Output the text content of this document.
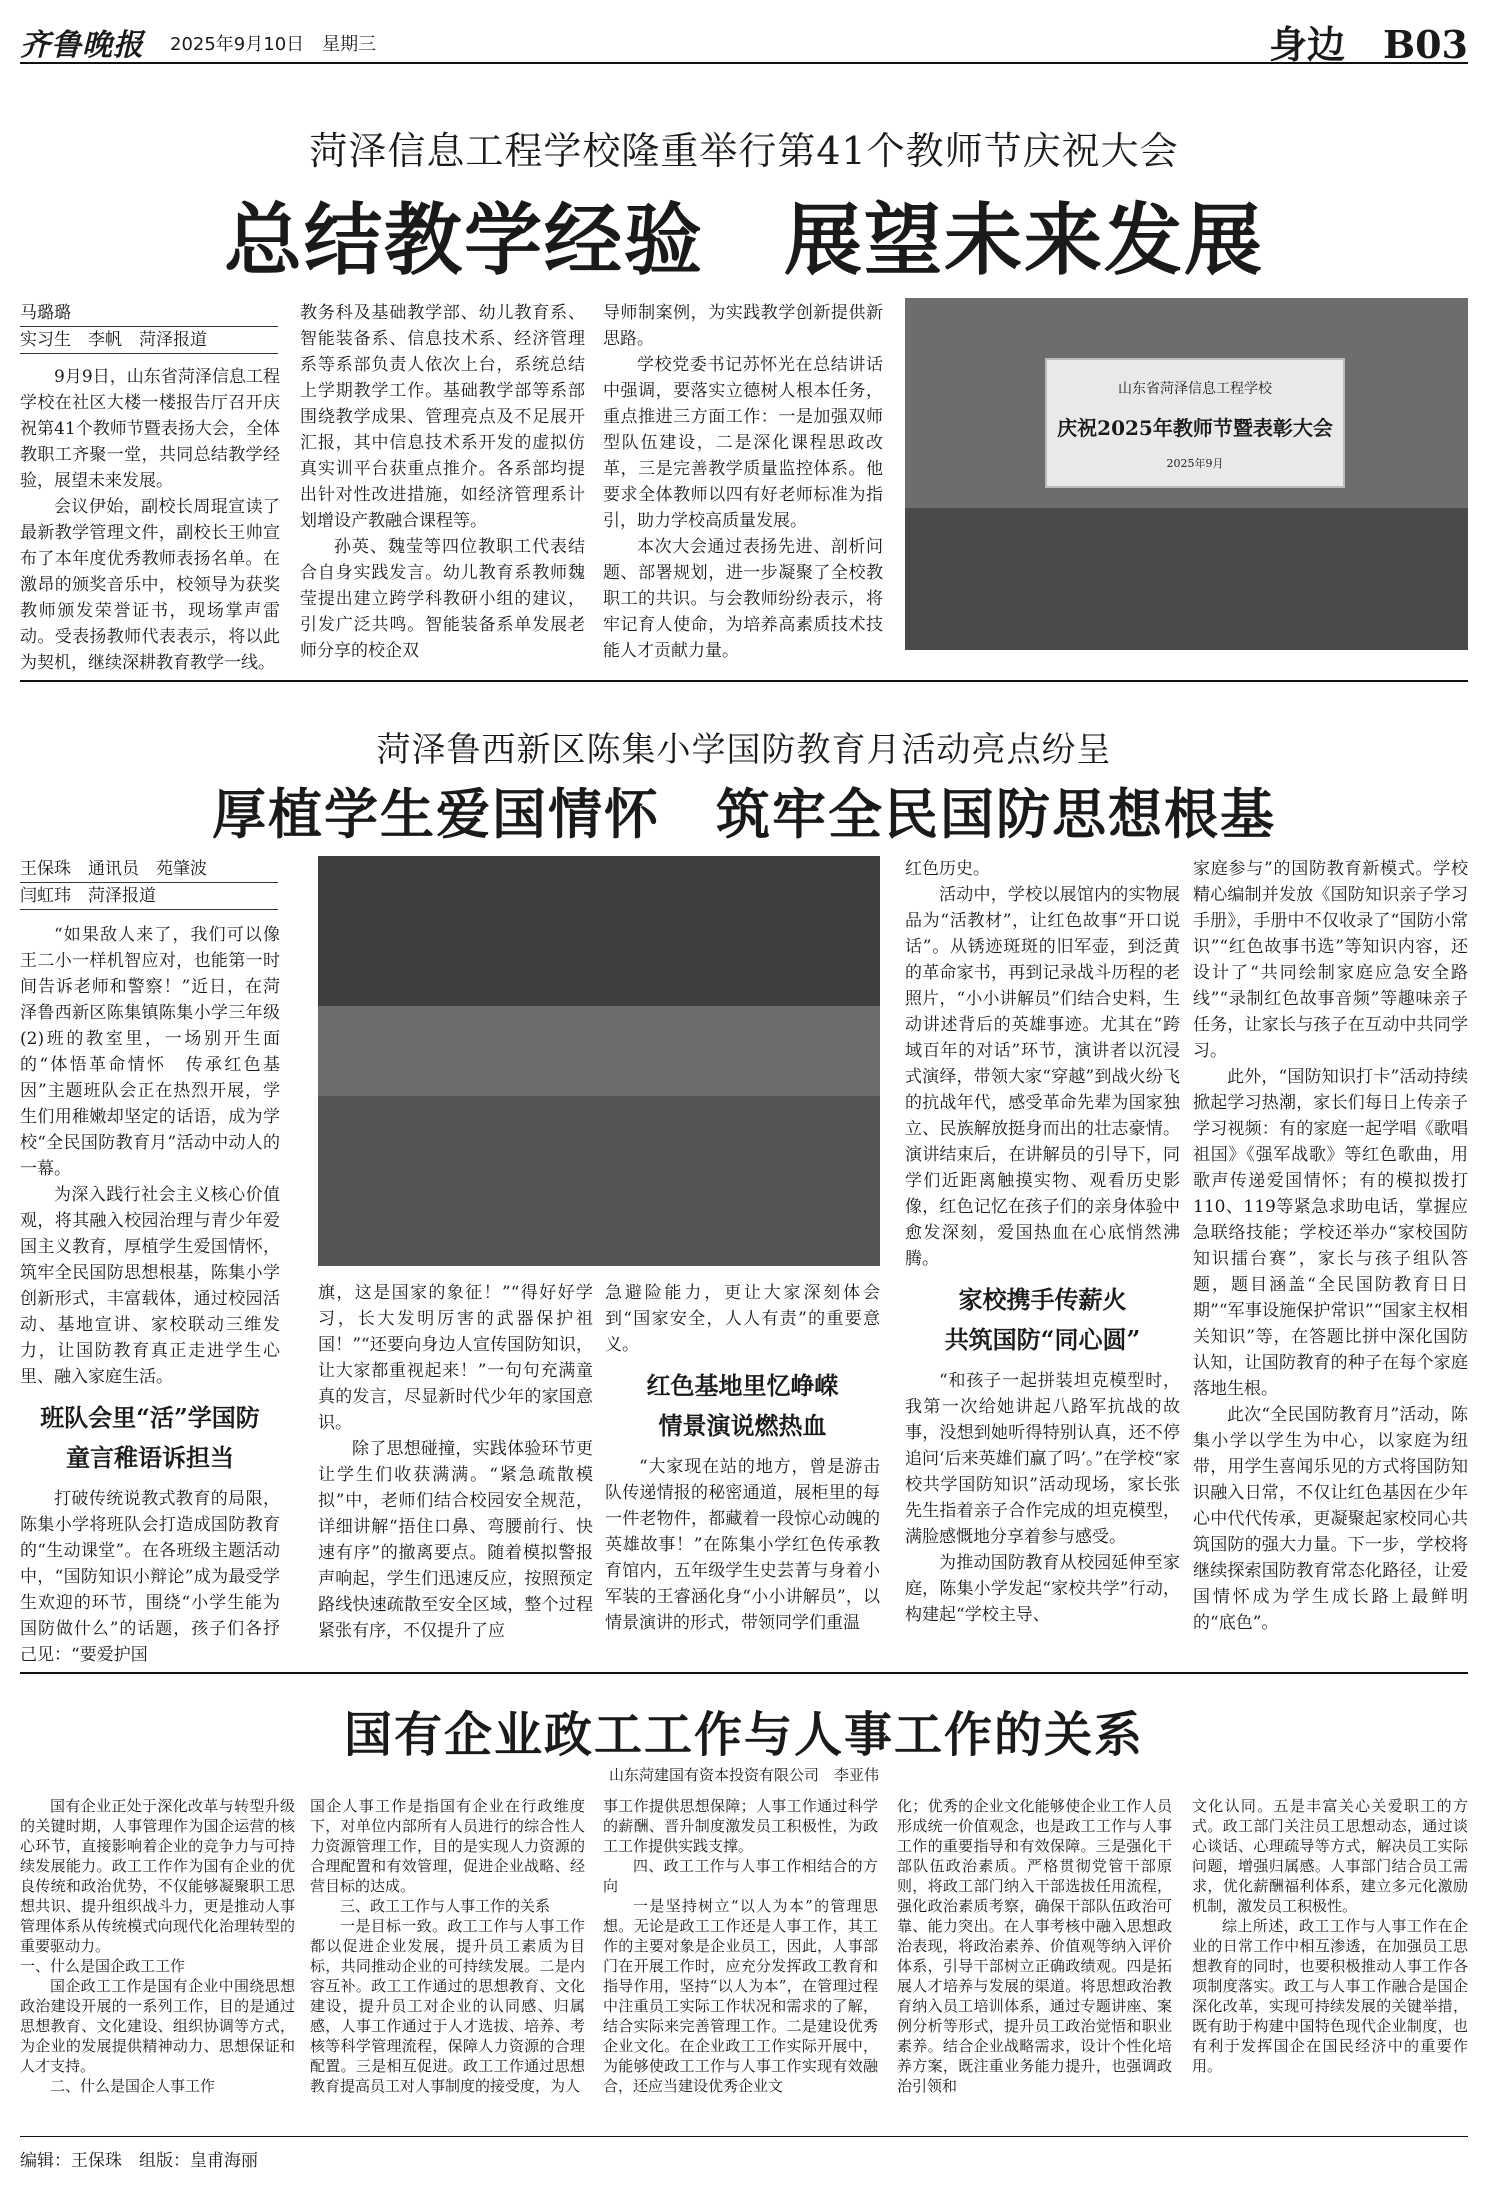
齐鲁晚报 2025年9月10日　星期三	身边　B03
菏泽信息工程学校隆重举行第41个教师节庆祝大会
总结教学经验　展望未来发展
马璐璐
实习生　李帆　菏泽报道

9月9日，山东省菏泽信息工程学校在社区大楼一楼报告厅召开庆祝第41个教师节暨表扬大会，全体教职工齐聚一堂，共同总结教学经验，展望未来发展。

会议伊始，副校长周琨宣读了最新教学管理文件，副校长王帅宣布了本年度优秀教师表扬名单。在激昂的颁奖音乐中，校领导为获奖教师颁发荣誉证书，现场掌声雷动。受表扬教师代表表示，将以此为契机，继续深耕教育教学一线。

教务科及基础教学部、幼儿教育系、智能装备系、信息技术系、经济管理系等系部负责人依次上台，系统总结上学期教学工作。基础教学部等系部围绕教学成果、管理亮点及不足展开汇报，其中信息技术系开发的虚拟仿真实训平台获重点推介。各系部均提出针对性改进措施，如经济管理系计划增设产教融合课程等。

孙英、魏莹等四位教职工代表结合自身实践发言。幼儿教育系教师魏莹提出建立跨学科教研小组的建议，引发广泛共鸣。智能装备系单发展老师分享的校企双

导师制案例，为实践教学创新提供新思路。

学校党委书记苏怀光在总结讲话中强调，要落实立德树人根本任务，重点推进三方面工作：一是加强双师型队伍建设，二是深化课程思政改革，三是完善教学质量监控体系。他要求全体教师以四有好老师标准为指引，助力学校高质量发展。

本次大会通过表扬先进、剖析问题、部署规划，进一步凝聚了全校教职工的共识。与会教师纷纷表示，将牢记育人使命，为培养高素质技术技能人才贡献力量。

山东省菏泽信息工程学校
庆祝2025年教师节暨表彰大会
2025年9月
菏泽鲁西新区陈集小学国防教育月活动亮点纷呈
厚植学生爱国情怀　筑牢全民国防思想根基
王保珠　通讯员　苑肇波
闫虹玮　菏泽报道

“如果敌人来了，我们可以像王二小一样机智应对，也能第一时间告诉老师和警察！”近日，在菏泽鲁西新区陈集镇陈集小学三年级(2)班的教室里，一场别开生面的“体悟革命情怀　传承红色基因”主题班队会正在热烈开展，学生们用稚嫩却坚定的话语，成为学校“全民国防教育月”活动中动人的一幕。

为深入践行社会主义核心价值观，将其融入校园治理与青少年爱国主义教育，厚植学生爱国情怀，筑牢全民国防思想根基，陈集小学创新形式，丰富载体，通过校园活动、基地宣讲、家校联动三维发力，让国防教育真正走进学生心里、融入家庭生活。

班队会里“活”学国防
童言稚语诉担当

打破传统说教式教育的局限，陈集小学将班队会打造成国防教育的“生动课堂”。在各班级主题活动中，“国防知识小辩论”成为最受学生欢迎的环节，围绕“小学生能为国防做什么”的话题，孩子们各抒己见：“要爱护国

旗，这是国家的象征！”“得好好学习，长大发明厉害的武器保护祖国！”“还要向身边人宣传国防知识，让大家都重视起来！”一句句充满童真的发言，尽显新时代少年的家国意识。

除了思想碰撞，实践体验环节更让学生们收获满满。“紧急疏散模拟”中，老师们结合校园安全规范，详细讲解“捂住口鼻、弯腰前行、快速有序”的撤离要点。随着模拟警报声响起，学生们迅速反应，按照预定路线快速疏散至安全区域，整个过程紧张有序，不仅提升了应

急避险能力，更让大家深刻体会到“国家安全，人人有责”的重要意义。

红色基地里忆峥嵘
情景演说燃热血

“大家现在站的地方，曾是游击队传递情报的秘密通道，展柜里的每一件老物件，都藏着一段惊心动魄的英雄故事！”在陈集小学红色传承教育馆内，五年级学生史芸菁与身着小军装的王睿涵化身“小小讲解员”，以情景演讲的形式，带领同学们重温

红色历史。

活动中，学校以展馆内的实物展品为“活教材”，让红色故事“开口说话”。从锈迹斑斑的旧军壶，到泛黄的革命家书，再到记录战斗历程的老照片，“小小讲解员”们结合史料，生动讲述背后的英雄事迹。尤其在“跨域百年的对话”环节，演讲者以沉浸式演绎，带领大家“穿越”到战火纷飞的抗战年代，感受革命先辈为国家独立、民族解放挺身而出的壮志豪情。演讲结束后，在讲解员的引导下，同学们近距离触摸实物、观看历史影像，红色记忆在孩子们的亲身体验中愈发深刻，爱国热血在心底悄然沸腾。

家校携手传薪火
共筑国防“同心圆”

“和孩子一起拼装坦克模型时，我第一次给她讲起八路军抗战的故事，没想到她听得特别认真，还不停追问‘后来英雄们赢了吗’。”在学校“家校共学国防知识”活动现场，家长张先生指着亲子合作完成的坦克模型，满脸感慨地分享着参与感受。

为推动国防教育从校园延伸至家庭，陈集小学发起“家校共学”行动，构建起“学校主导、

家庭参与”的国防教育新模式。学校精心编制并发放《国防知识亲子学习手册》，手册中不仅收录了“国防小常识”“红色故事书选”等知识内容，还设计了“共同绘制家庭应急安全路线”“录制红色故事音频”等趣味亲子任务，让家长与孩子在互动中共同学习。

此外，“国防知识打卡”活动持续掀起学习热潮，家长们每日上传亲子学习视频：有的家庭一起学唱《歌唱祖国》《强军战歌》等红色歌曲，用歌声传递爱国情怀；有的模拟拨打110、119等紧急求助电话，掌握应急联络技能；学校还举办“家校国防知识擂台赛”，家长与孩子组队答题，题目涵盖“全民国防教育日日期”“军事设施保护常识”“国家主权相关知识”等，在答题比拼中深化国防认知，让国防教育的种子在每个家庭落地生根。

此次“全民国防教育月”活动，陈集小学以学生为中心，以家庭为纽带，用学生喜闻乐见的方式将国防知识融入日常，不仅让红色基因在少年心中代代传承，更凝聚起家校同心共筑国防的强大力量。下一步，学校将继续探索国防教育常态化路径，让爱国情怀成为学生成长路上最鲜明的“底色”。

国有企业政工工作与人事工作的关系
山东菏建国有资本投资有限公司　李亚伟

国有企业正处于深化改革与转型升级的关键时期，人事管理作为国企运营的核心环节，直接影响着企业的竞争力与可持续发展能力。政工工作作为国有企业的优良传统和政治优势，不仅能够凝聚职工思想共识、提升组织战斗力，更是推动人事管理体系从传统模式向现代化治理转型的重要驱动力。

一、什么是国企政工工作

国企政工工作是国有企业中围绕思想政治建设开展的一系列工作，目的是通过思想教育、文化建设、组织协调等方式，为企业的发展提供精神动力、思想保证和人才支持。

二、什么是国企人事工作

国企人事工作是指国有企业在行政维度下，对单位内部所有人员进行的综合性人力资源管理工作，目的是实现人力资源的合理配置和有效管理，促进企业战略、经营目标的达成。

三、政工工作与人事工作的关系

一是目标一致。政工工作与人事工作都以促进企业发展，提升员工素质为目标，共同推动企业的可持续发展。二是内容互补。政工工作通过的思想教育、文化建设，提升员工对企业的认同感、归属感，人事工作通过于人才选拔、培养、考核等科学管理流程，保障人力资源的合理配置。三是相互促进。政工工作通过思想教育提高员工对人事制度的接受度，为人

事工作提供思想保障；人事工作通过科学的薪酬、晋升制度激发员工积极性，为政工工作提供实践支撑。

四、政工工作与人事工作相结合的方向

一是坚持树立“以人为本”的管理思想。无论是政工工作还是人事工作，其工作的主要对象是企业员工，因此，人事部门在开展工作时，应充分发挥政工教育和指导作用，坚持“以人为本”，在管理过程中注重员工实际工作状况和需求的了解，结合实际来完善管理工作。二是建设优秀企业文化。在企业政工工作实际开展中，为能够使政工工作与人事工作实现有效融合，还应当建设优秀企业文

化；优秀的企业文化能够使企业工作人员形成统一价值观念，也是政工工作与人事工作的重要指导和有效保障。三是强化干部队伍政治素质。严格贯彻党管干部原则，将政工部门纳入干部选拔任用流程，强化政治素质考察，确保干部队伍政治可靠、能力突出。在人事考核中融入思想政治表现，将政治素养、价值观等纳入评价体系，引导干部树立正确政绩观。四是拓展人才培养与发展的渠道。将思想政治教育纳入员工培训体系，通过专题讲座、案例分析等形式，提升员工政治觉悟和职业素养。结合企业战略需求，设计个性化培养方案，既注重业务能力提升，也强调政治引领和

文化认同。五是丰富关心关爱职工的方式。政工部门关注员工思想动态，通过谈心谈话、心理疏导等方式，解决员工实际问题，增强归属感。人事部门结合员工需求，优化薪酬福利体系，建立多元化激励机制，激发员工积极性。

综上所述，政工工作与人事工作在企业的日常工作中相互渗透，在加强员工思想教育的同时，也要积极推动人事工作各项制度落实。政工与人事工作融合是国企深化改革，实现可持续发展的关键举措，既有助于构建中国特色现代企业制度，也有利于发挥国企在国民经济中的重要作用。

编辑：王保珠　组版：皇甫海丽
